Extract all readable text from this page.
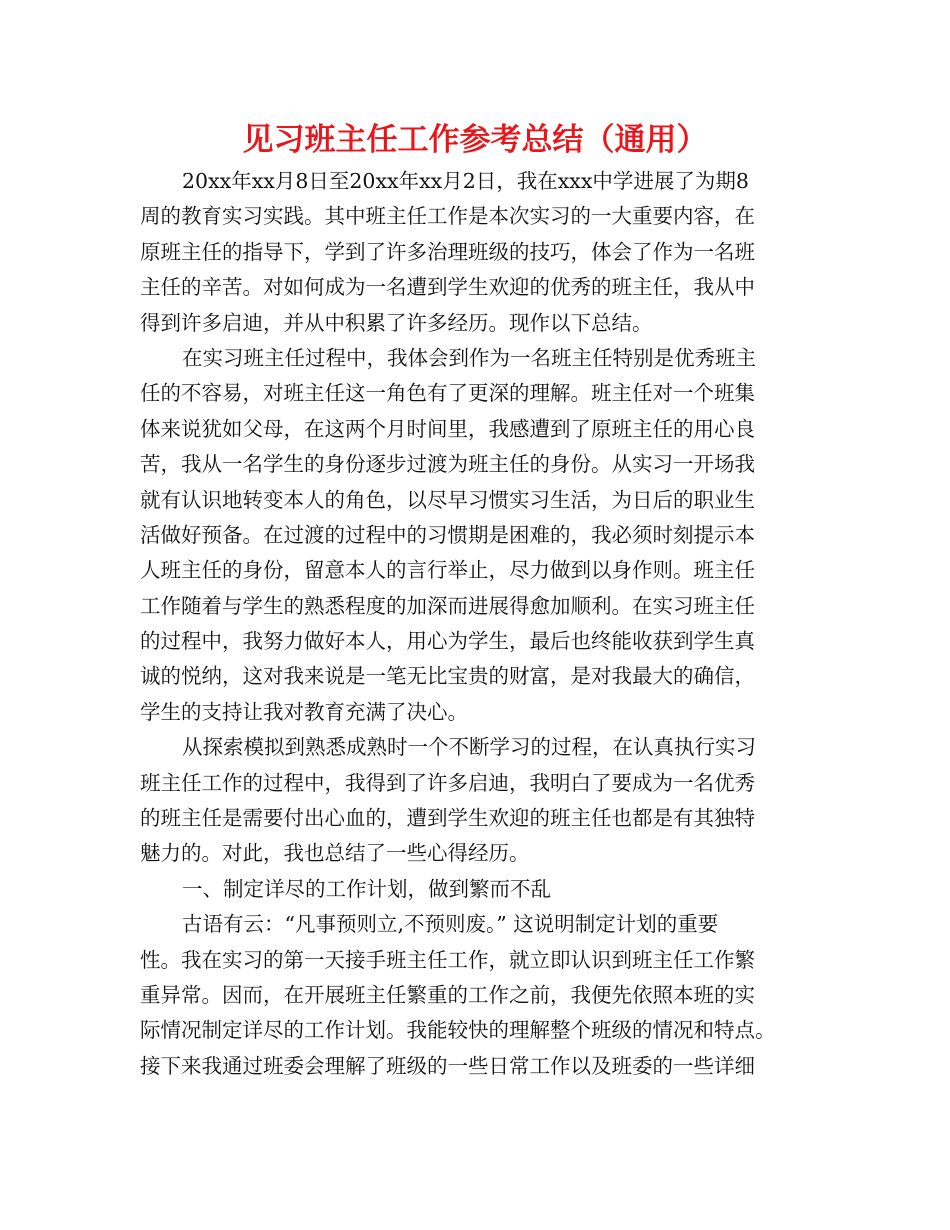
见习班主任工作参考总结（通用）
20xx年xx月8日至20xx年xx月2日，我在xxx中学进展了为期8
周的教育实习实践。其中班主任工作是本次实习的一大重要内容，在
原班主任的指导下，学到了许多治理班级的技巧，体会了作为一名班
主任的辛苦。对如何成为一名遭到学生欢迎的优秀的班主任，我从中
得到许多启迪，并从中积累了许多经历。现作以下总结。
在实习班主任过程中，我体会到作为一名班主任特别是优秀班主
任的不容易，对班主任这一角色有了更深的理解。班主任对一个班集
体来说犹如父母，在这两个月时间里，我感遭到了原班主任的用心良
苦，我从一名学生的身份逐步过渡为班主任的身份。从实习一开场我
就有认识地转变本人的角色，以尽早习惯实习生活，为日后的职业生
活做好预备。在过渡的过程中的习惯期是困难的，我必须时刻提示本
人班主任的身份，留意本人的言行举止，尽力做到以身作则。班主任
工作随着与学生的熟悉程度的加深而进展得愈加顺利。在实习班主任
的过程中，我努力做好本人，用心为学生，最后也终能收获到学生真
诚的悦纳，这对我来说是一笔无比宝贵的财富，是对我最大的确信，
学生的支持让我对教育充满了决心。
从探索模拟到熟悉成熟时一个不断学习的过程，在认真执行实习
班主任工作的过程中，我得到了许多启迪，我明白了要成为一名优秀
的班主任是需要付出心血的，遭到学生欢迎的班主任也都是有其独特
魅力的。对此，我也总结了一些心得经历。
一、制定详尽的工作计划，做到繁而不乱
古语有云：“凡事预则立,不预则废。” 这说明制定计划的重要
性。我在实习的第一天接手班主任工作，就立即认识到班主任工作繁
重异常。因而，在开展班主任繁重的工作之前，我便先依照本班的实
际情况制定详尽的工作计划。我能较快的理解整个班级的情况和特点。
接下来我通过班委会理解了班级的一些日常工作以及班委的一些详细
